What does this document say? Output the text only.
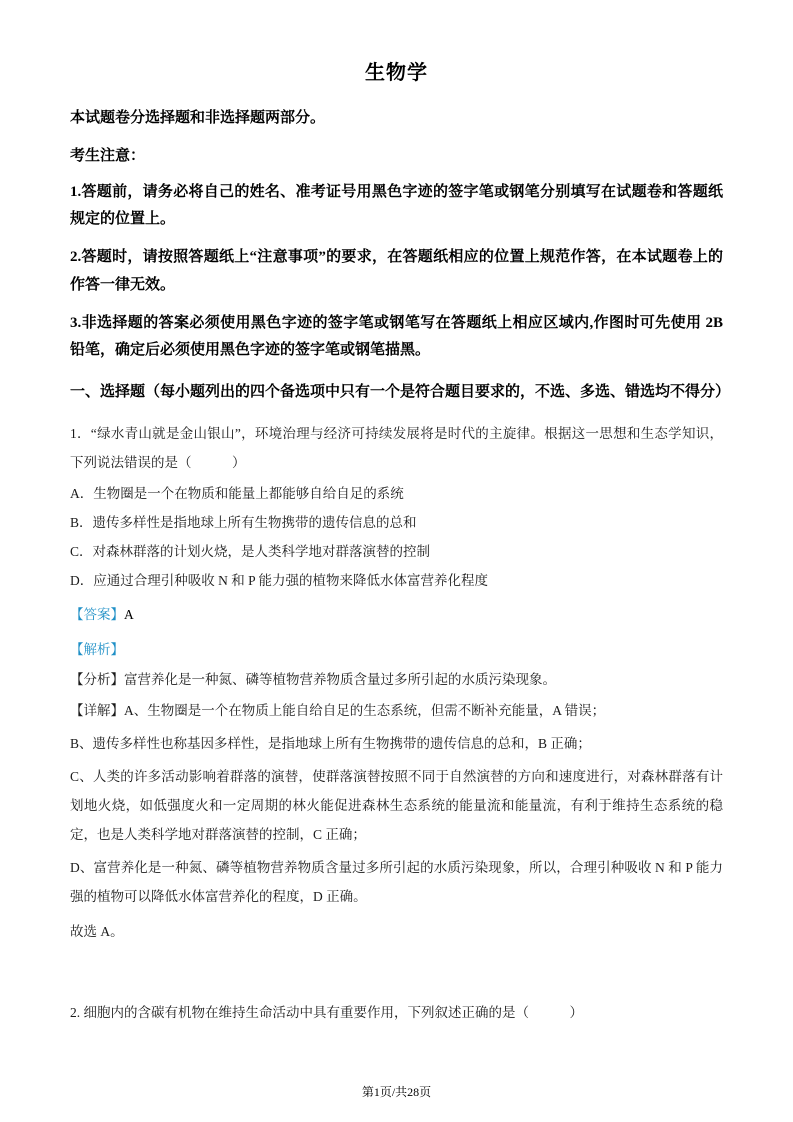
生物学

本试题卷分选择题和非选择题两部分。

考生注意：

1.答题前，请务必将自己的姓名、准考证号用黑色字迹的签字笔或钢笔分别填写在试题卷和答题纸规定的位置上。

2.答题时，请按照答题纸上“注意事项”的要求，在答题纸相应的位置上规范作答，在本试题卷上的作答一律无效。

3.非选择题的答案必须使用黑色字迹的签字笔或钢笔写在答题纸上相应区域内,作图时可先使用 2B 铅笔，确定后必须使用黑色字迹的签字笔或钢笔描黑。

一、选择题（每小题列出的四个备选项中只有一个是符合题目要求的，不选、多选、错选均不得分）

1．“绿水青山就是金山银山”，环境治理与经济可持续发展将是时代的主旋律。根据这一思想和生态学知识，下列说法错误的是（　　　）

A．生物圈是一个在物质和能量上都能够自给自足的系统

B．遗传多样性是指地球上所有生物携带的遗传信息的总和

C．对森林群落的计划火烧，是人类科学地对群落演替的控制

D．应通过合理引种吸收 N 和 P 能力强的植物来降低水体富营养化程度

【答案】A

【解析】

【分析】富营养化是一种氮、磷等植物营养物质含量过多所引起的水质污染现象。

【详解】A、生物圈是一个在物质上能自给自足的生态系统，但需不断补充能量，A 错误；

B、遗传多样性也称基因多样性，是指地球上所有生物携带的遗传信息的总和，B 正确；

C、人类的许多活动影响着群落的演替，使群落演替按照不同于自然演替的方向和速度进行，对森林群落有计划地火烧，如低强度火和一定周期的林火能促进森林生态系统的能量流和能量流，有利于维持生态系统的稳定，也是人类科学地对群落演替的控制，C 正确；

D、富营养化是一种氮、磷等植物营养物质含量过多所引起的水质污染现象，所以，合理引种吸收 N 和 P 能力强的植物可以降低水体富营养化的程度，D 正确。

故选 A。

2. 细胞内的含碳有机物在维持生命活动中具有重要作用，下列叙述正确的是（　　　）

第1页/共28页
